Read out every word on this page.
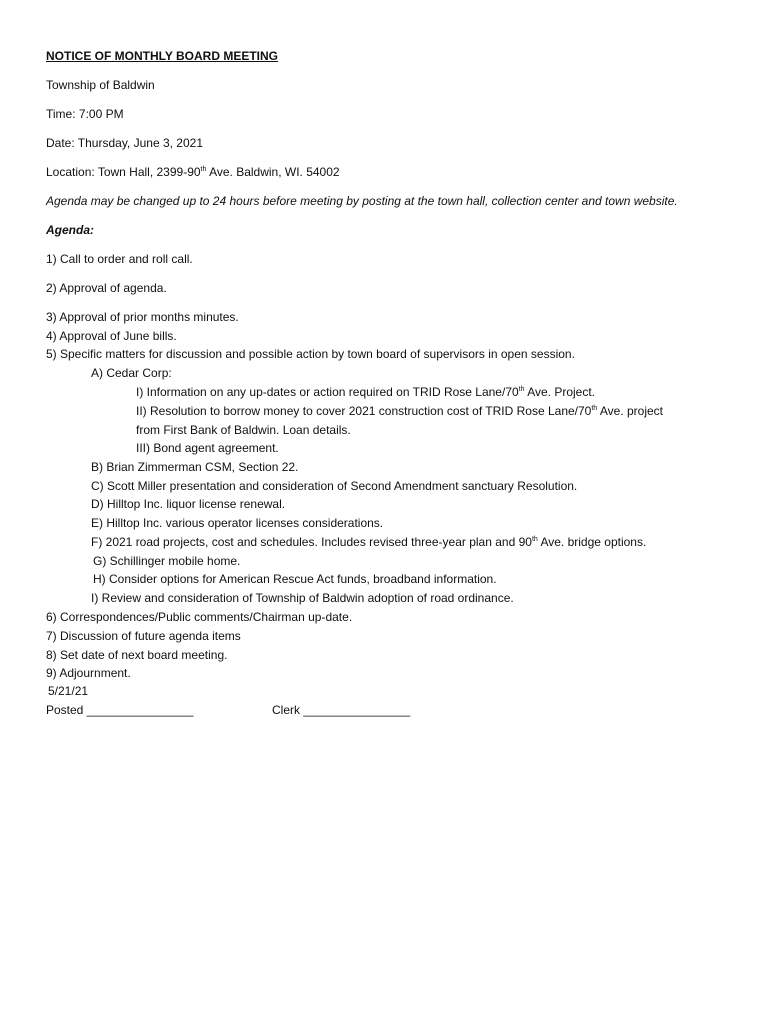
NOTICE OF MONTHLY BOARD MEETING
Township of Baldwin
Time: 7:00 PM
Date: Thursday, June 3, 2021
Location: Town Hall, 2399-90th Ave. Baldwin, WI. 54002
Agenda may be changed up to 24 hours before meeting by posting at the town hall, collection center and town website.
Agenda:
1) Call to order and roll call.
2) Approval of agenda.
3) Approval of prior months minutes.
4) Approval of June bills.
5) Specific matters for discussion and possible action by town board of supervisors in open session.
A) Cedar Corp:
I) Information on any up-dates or action required on TRID Rose Lane/70th Ave. Project.
II) Resolution to borrow money to cover 2021 construction cost of TRID Rose Lane/70th Ave. project
from First Bank of Baldwin. Loan details.
III) Bond agent agreement.
B) Brian Zimmerman CSM, Section 22.
C) Scott Miller presentation and consideration of Second Amendment sanctuary Resolution.
D) Hilltop Inc. liquor license renewal.
E) Hilltop Inc. various operator licenses considerations.
F) 2021 road projects, cost and schedules. Includes revised three-year plan and 90th Ave. bridge options.
G) Schillinger mobile home.
H) Consider options for American Rescue Act funds, broadband information.
I) Review and consideration of Township of Baldwin adoption of road ordinance.
6) Correspondences/Public comments/Chairman up-date.
7) Discussion of future agenda items
8) Set date of next board meeting.
9) Adjournment.
5/21/21
Posted ________________	Clerk ________________
